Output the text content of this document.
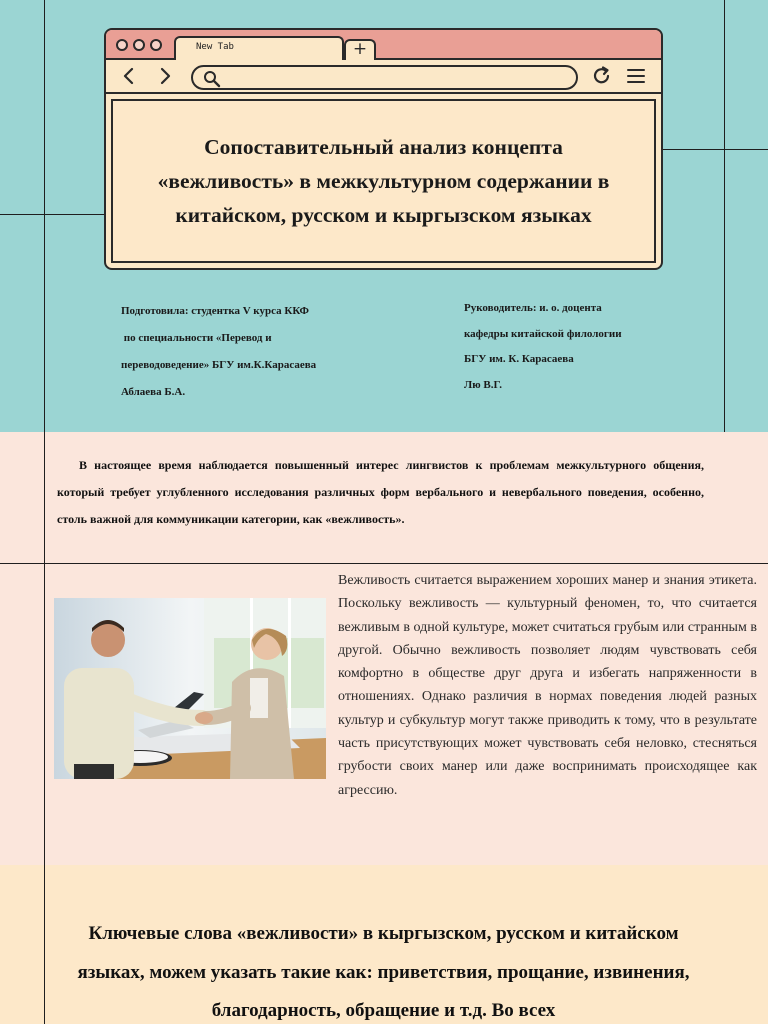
New Tab	+
Сопоставительный анализ концепта «вежливость» в межкультурном содержании в китайском, русском и кыргызском языках

Подготовила: студентка V курса ККФ

по специальности «Перевод и

переводоведение» БГУ им.К.Карасаева

Аблаева Б.А.

Руководитель: и. о. доцента

кафедры китайской филологии

БГУ им. К. Карасаева

Лю В.Г.

В настоящее время наблюдается повышенный интерес лингвистов к проблемам межкультурного общения, который требует углубленного исследования различных форм вербального и невербального поведения, особенно, столь важной для коммуникации категории, как «вежливость».

Вежливость считается выражением хороших манер и знания этикета. Поскольку вежливость — культурный феномен, то, что считается вежливым в одной культуре, может считаться грубым или странным в другой. Обычно вежливость позволяет людям чувствовать себя комфортно в обществе друг друга и избегать напряженности в отношениях. Однако различия в нормах поведения людей разных культур и субкультур могут также приводить к тому, что в результате часть присутствующих может чувствовать себя неловко, стесняться грубости своих манер или даже воспринимать происходящее как агрессию.

Ключевые слова «вежливости» в кыргызском, русском и китайском языках, можем указать такие как: приветствия, прощание, извинения, благодарность, обращение и т.д. Во всех
